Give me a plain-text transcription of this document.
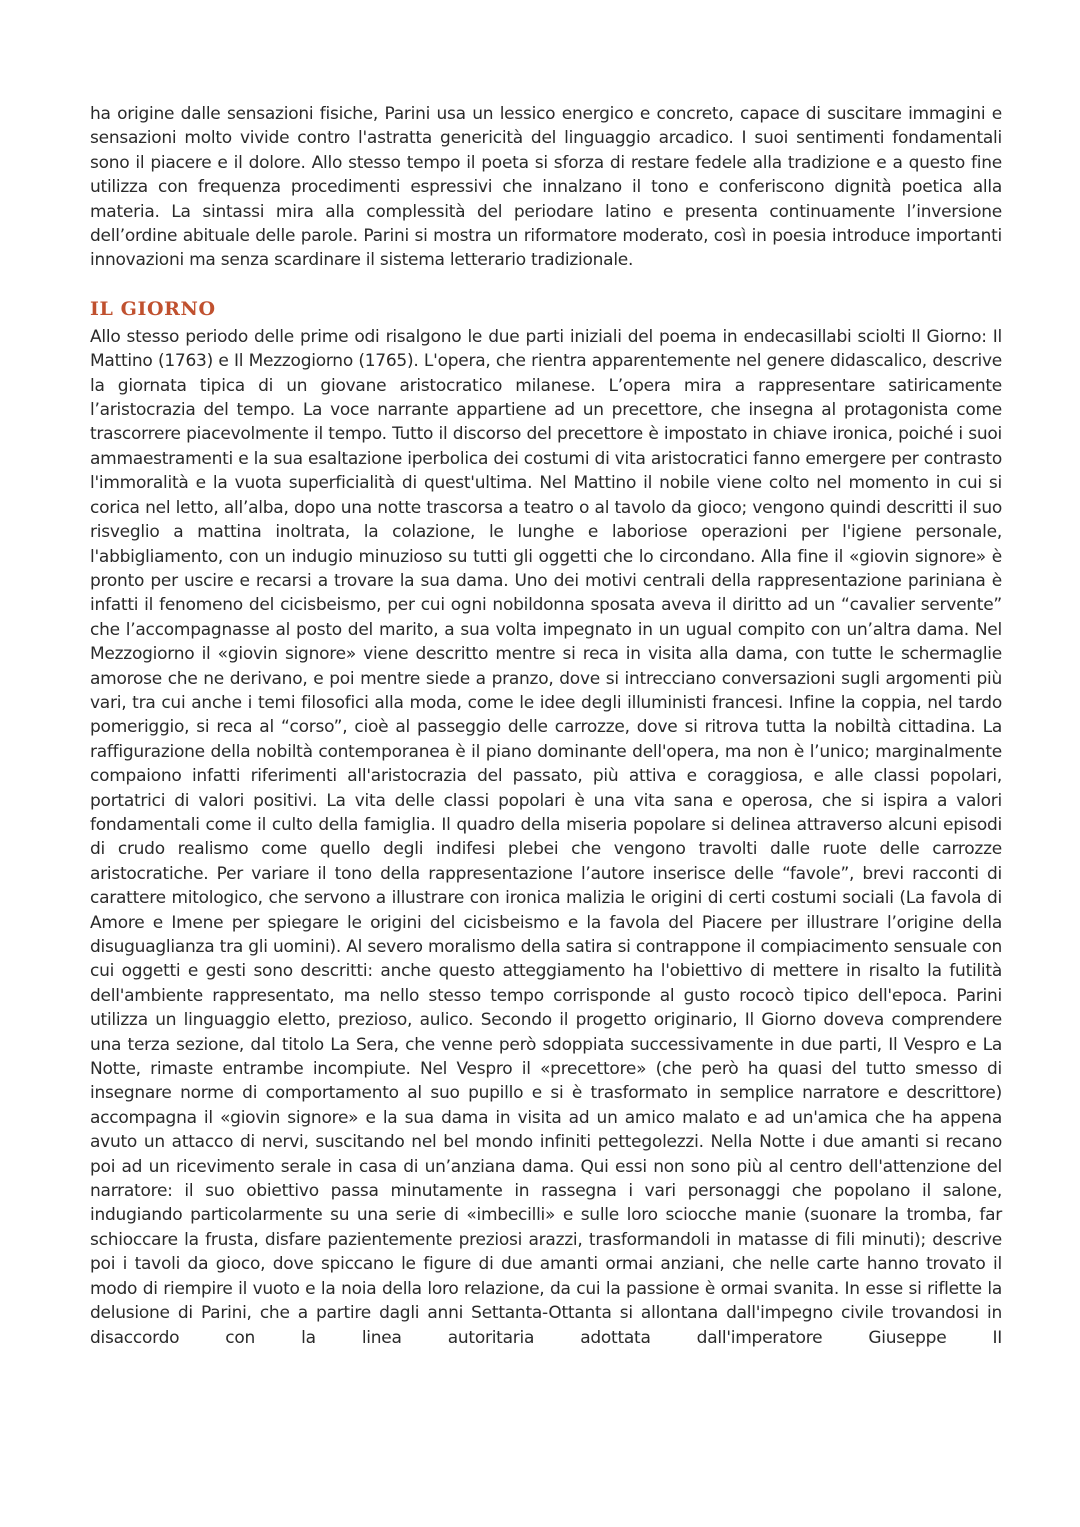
ha origine dalle sensazioni fisiche, Parini usa un lessico energico e concreto, capace di suscitare immagini e sensazioni molto vivide contro l'astratta genericità del linguaggio arcadico. I suoi sentimenti fondamentali sono il piacere e il dolore. Allo stesso tempo il poeta si sforza di restare fedele alla tradizione e a questo fine utilizza con frequenza procedimenti espressivi che innalzano il tono e conferiscono dignità poetica alla materia. La sintassi mira alla complessità del periodare latino e presenta continuamente l’inversione dell’ordine abituale delle parole. Parini si mostra un riformatore moderato, così in poesia introduce importanti innovazioni ma senza scardinare il sistema letterario tradizionale.

IL GIORNO

Allo stesso periodo delle prime odi risalgono le due parti iniziali del poema in endecasillabi sciolti Il Giorno: Il Mattino (1763) e Il Mezzogiorno (1765). L'opera, che rientra apparentemente nel genere didascalico, descrive la giornata tipica di un giovane aristocratico milanese. L’opera mira a rappresentare satiricamente l’aristocrazia del tempo. La voce narrante appartiene ad un precettore, che insegna al protagonista come trascorrere piacevolmente il tempo. Tutto il discorso del precettore è impostato in chiave ironica, poiché i suoi ammaestramenti e la sua esaltazione iperbolica dei costumi di vita aristocratici fanno emergere per contrasto l'immoralità e la vuota superficialità di quest'ultima. Nel Mattino il nobile viene colto nel momento in cui si corica nel letto, all’alba, dopo una notte trascorsa a teatro o al tavolo da gioco; vengono quindi descritti il suo risveglio a mattina inoltrata, la colazione, le lunghe e laboriose operazioni per l'igiene personale, l'abbigliamento, con un indugio minuzioso su tutti gli oggetti che lo circondano. Alla fine il «giovin signore» è pronto per uscire e recarsi a trovare la sua dama. Uno dei motivi centrali della rappresentazione pariniana è infatti il fenomeno del cicisbeismo, per cui ogni nobildonna sposata aveva il diritto ad un “cavalier servente” che l’accompagnasse al posto del marito, a sua volta impegnato in un ugual compito con un’altra dama. Nel Mezzogiorno il «giovin signore» viene descritto mentre si reca in visita alla dama, con tutte le schermaglie amorose che ne derivano, e poi mentre siede a pranzo, dove si intrecciano conversazioni sugli argomenti più vari, tra cui anche i temi filosofici alla moda, come le idee degli illuministi francesi. Infine la coppia, nel tardo pomeriggio, si reca al “corso”, cioè al passeggio delle carrozze, dove si ritrova tutta la nobiltà cittadina. La raffigurazione della nobiltà contemporanea è il piano dominante dell'opera, ma non è l’unico; marginalmente compaiono infatti riferimenti all'aristocrazia del passato, più attiva e coraggiosa, e alle classi popolari, portatrici di valori positivi. La vita delle classi popolari è una vita sana e operosa, che si ispira a valori fondamentali come il culto della famiglia. Il quadro della miseria popolare si delinea attraverso alcuni episodi di crudo realismo come quello degli indifesi plebei che vengono travolti dalle ruote delle carrozze aristocratiche. Per variare il tono della rappresentazione l’autore inserisce delle “favole”, brevi racconti di carattere mitologico, che servono a illustrare con ironica malizia le origini di certi costumi sociali (La favola di Amore e Imene per spiegare le origini del cicisbeismo e la favola del Piacere per illustrare l’origine della disuguaglianza tra gli uomini). Al severo moralismo della satira si contrappone il compiacimento sensuale con cui oggetti e gesti sono descritti: anche questo atteggiamento ha l'obiettivo di mettere in risalto la futilità dell'ambiente rappresentato, ma nello stesso tempo corrisponde al gusto rococò tipico dell'epoca. Parini utilizza un linguaggio eletto, prezioso, aulico. Secondo il progetto originario, Il Giorno doveva comprendere una terza sezione, dal titolo La Sera, che venne però sdoppiata successivamente in due parti, Il Vespro e La Notte, rimaste entrambe incompiute. Nel Vespro il «precettore» (che però ha quasi del tutto smesso di insegnare norme di comportamento al suo pupillo e si è trasformato in semplice narratore e descrittore) accompagna il «giovin signore» e la sua dama in visita ad un amico malato e ad un'amica che ha appena avuto un attacco di nervi, suscitando nel bel mondo infiniti pettegolezzi. Nella Notte i due amanti si recano poi ad un ricevimento serale in casa di un’anziana dama. Qui essi non sono più al centro dell'attenzione del narratore: il suo obiettivo passa minutamente in rassegna i vari personaggi che popolano il salone, indugiando particolarmente su una serie di «imbecilli» e sulle loro sciocche manie (suonare la tromba, far schioccare la frusta, disfare pazientemente preziosi arazzi, trasformandoli in matasse di fili minuti); descrive poi i tavoli da gioco, dove spiccano le figure di due amanti ormai anziani, che nelle carte hanno trovato il modo di riempire il vuoto e la noia della loro relazione, da cui la passione è ormai svanita. In esse si riflette la delusione di Parini, che a partire dagli anni Settanta-Ottanta si allontana dall'impegno civile trovandosi in disaccordo con la linea autoritaria adottata dall'imperatore Giuseppe II
